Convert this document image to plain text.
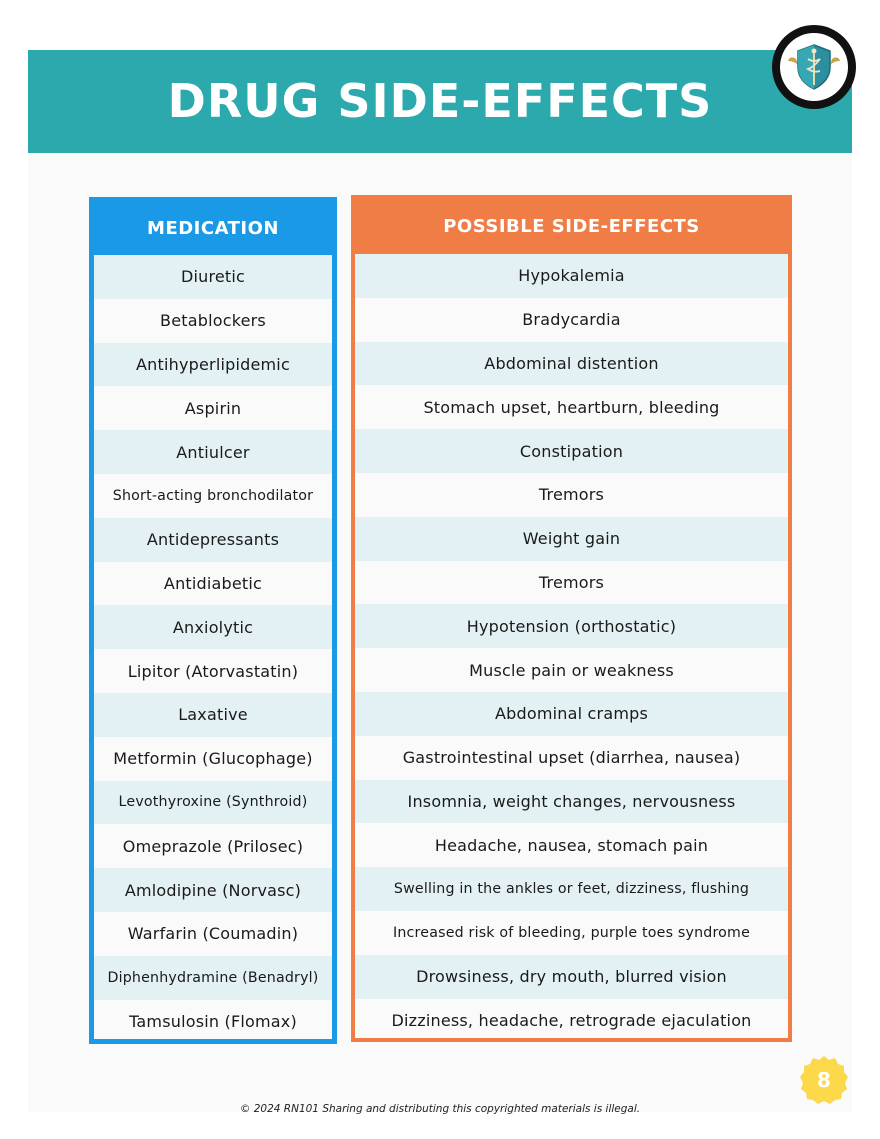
DRUG SIDE-EFFECTS
MEDICATION
Diuretic
Betablockers
Antihyperlipidemic
Aspirin
Antiulcer
Short-acting bronchodilator
Antidepressants
Antidiabetic
Anxiolytic
Lipitor (Atorvastatin)
Laxative
Metformin (Glucophage)
Levothyroxine (Synthroid)
Omeprazole (Prilosec)
Amlodipine (Norvasc)
Warfarin (Coumadin)
Diphenhydramine (Benadryl)
Tamsulosin (Flomax)
POSSIBLE SIDE-EFFECTS
Hypokalemia
Bradycardia
Abdominal distention
Stomach upset, heartburn, bleeding
Constipation
Tremors
Weight gain
Tremors
Hypotension (orthostatic)
Muscle pain or weakness
Abdominal cramps
Gastrointestinal upset (diarrhea, nausea)
Insomnia, weight changes, nervousness
Headache, nausea, stomach pain
Swelling in the ankles or feet, dizziness, flushing
Increased risk of bleeding, purple toes syndrome
Drowsiness, dry mouth, blurred vision
Dizziness, headache, retrograde ejaculation
8
© 2024 RN101 Sharing and distributing this copyrighted materials is illegal.
